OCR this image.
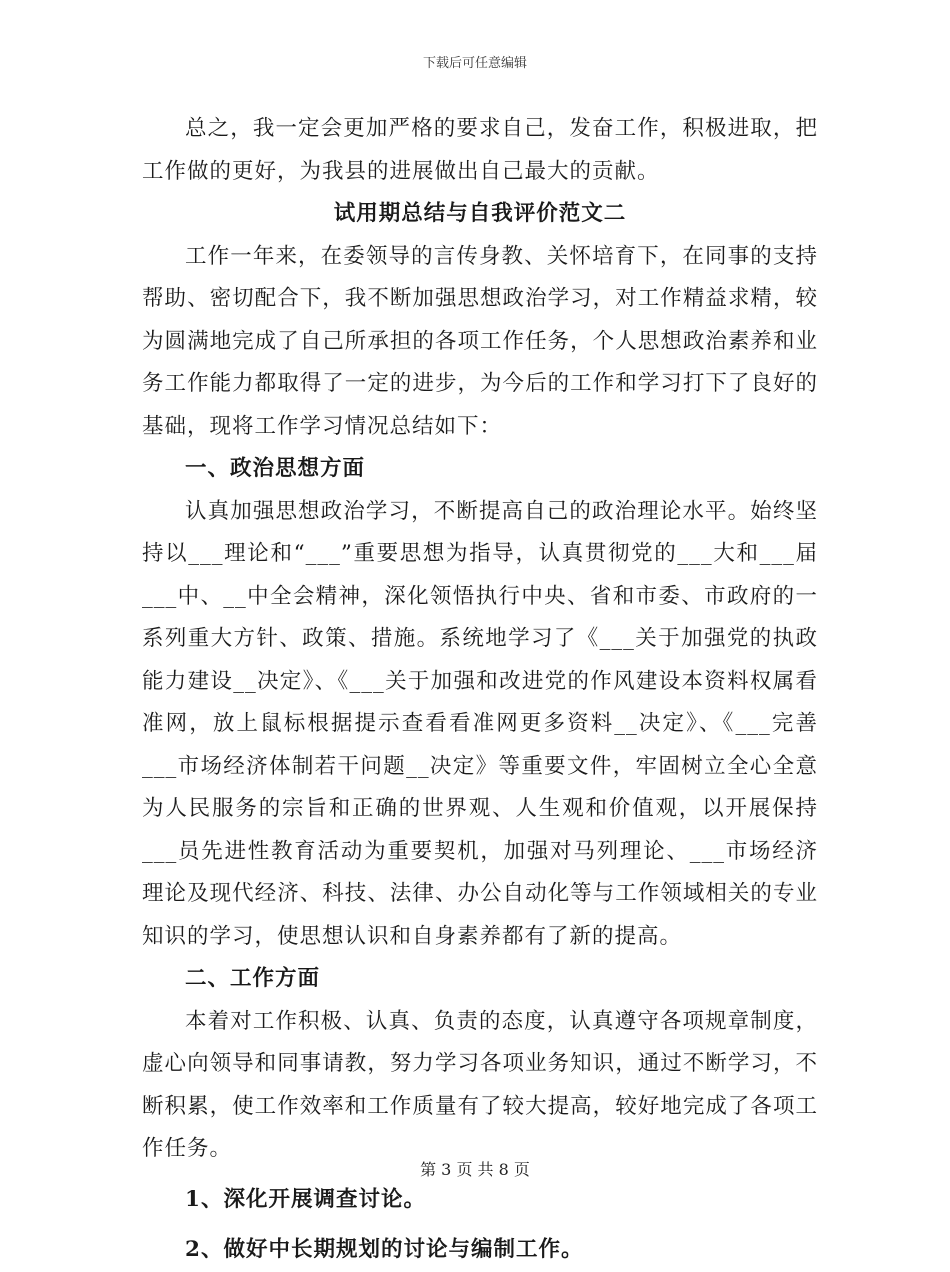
下载后可任意编辑

总之，我一定会更加严格的要求自己，发奋工作，积极进取，把工作做的更好，为我县的进展做出自己最大的贡献。

试用期总结与自我评价范文二

工作一年来，在委领导的言传身教、关怀培育下，在同事的支持帮助、密切配合下，我不断加强思想政治学习，对工作精益求精，较为圆满地完成了自己所承担的各项工作任务，个人思想政治素养和业务工作能力都取得了一定的进步，为今后的工作和学习打下了良好的基础，现将工作学习情况总结如下：

一、政治思想方面

认真加强思想政治学习，不断提高自己的政治理论水平。始终坚持以___理论和“___”重要思想为指导，认真贯彻党的___大和___届___中、__中全会精神，深化领悟执行中央、省和市委、市政府的一系列重大方针、政策、措施。系统地学习了《___关于加强党的执政能力建设__决定》、《___关于加强和改进党的作风建设本资料权属看准网，放上鼠标根据提示查看看准网更多资料__决定》、《___完善___市场经济体制若干问题__决定》等重要文件，牢固树立全心全意为人民服务的宗旨和正确的世界观、人生观和价值观，以开展保持___员先进性教育活动为重要契机，加强对马列理论、___市场经济理论及现代经济、科技、法律、办公自动化等与工作领域相关的专业知识的学习，使思想认识和自身素养都有了新的提高。

二、工作方面

本着对工作积极、认真、负责的态度，认真遵守各项规章制度，虚心向领导和同事请教，努力学习各项业务知识，通过不断学习，不断积累，使工作效率和工作质量有了较大提高，较好地完成了各项工作任务。

1、深化开展调查讨论。

2、做好中长期规划的讨论与编制工作。

第 3 页 共 8 页
